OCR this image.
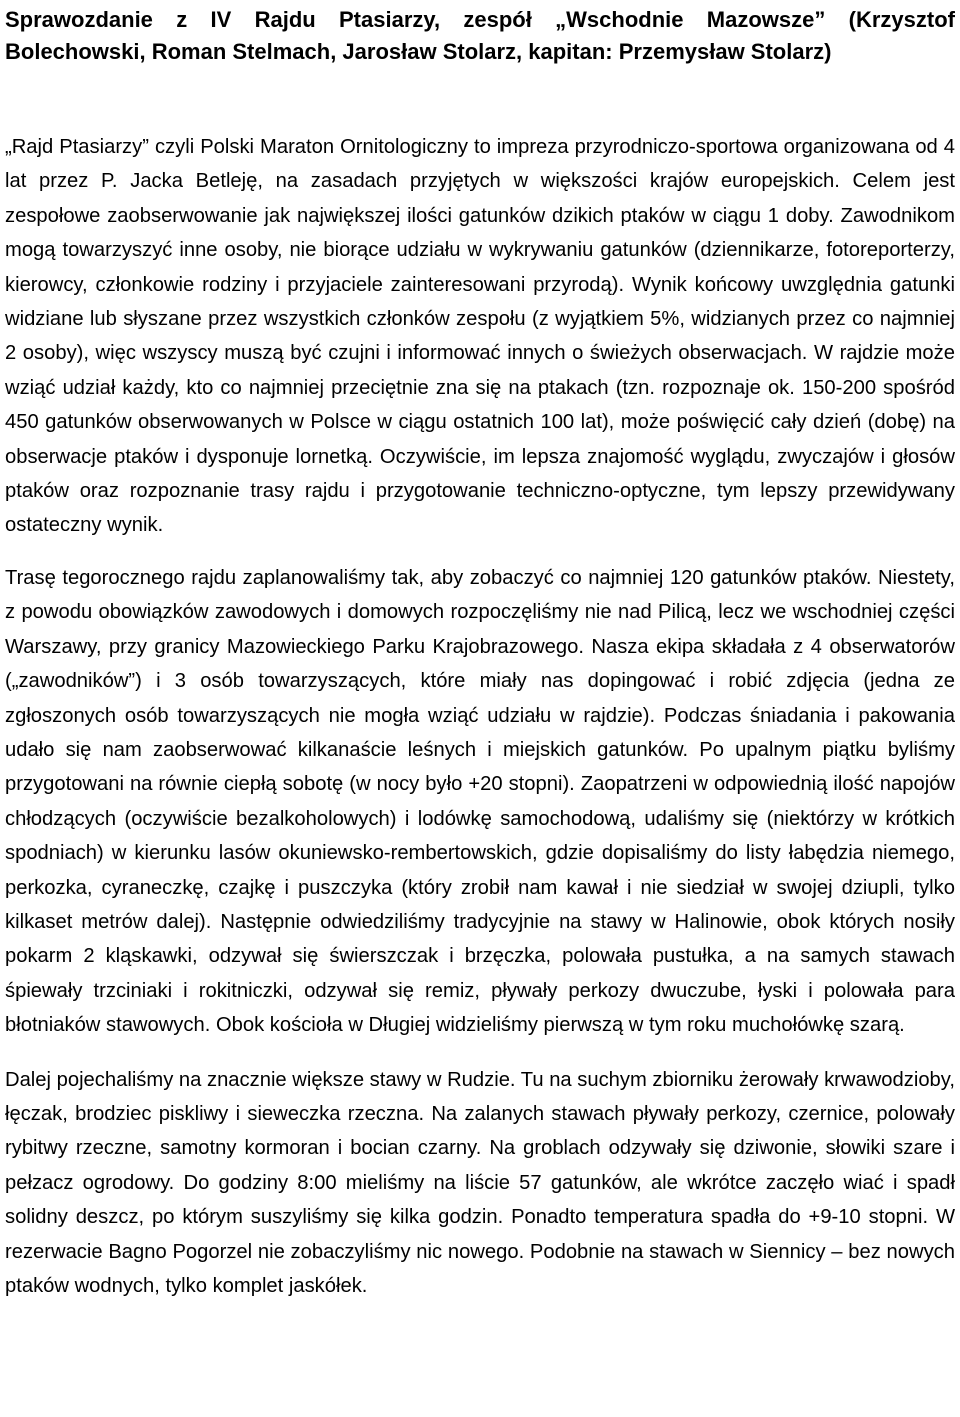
Sprawozdanie z IV Rajdu Ptasiarzy, zespół „Wschodnie Mazowsze” (Krzysztof Bolechowski, Roman Stelmach, Jarosław Stolarz, kapitan: Przemysław Stolarz)

„Rajd Ptasiarzy” czyli Polski Maraton Ornitologiczny to impreza przyrodniczo-sportowa organizowana od 4 lat przez P. Jacka Betleję, na zasadach przyjętych w większości krajów europejskich. Celem jest zespołowe zaobserwowanie jak największej ilości gatunków dzikich ptaków w ciągu 1 doby. Zawodnikom mogą towarzyszyć inne osoby, nie biorące udziału w wykrywaniu gatunków (dziennikarze, fotoreporterzy, kierowcy, członkowie rodziny i przyjaciele zainteresowani przyrodą). Wynik końcowy uwzględnia gatunki widziane lub słyszane przez wszystkich członków zespołu (z wyjątkiem 5%, widzianych przez co najmniej 2 osoby), więc wszyscy muszą być czujni i informować innych o świeżych obserwacjach. W rajdzie może wziąć udział każdy, kto co najmniej przeciętnie zna się na ptakach (tzn. rozpoznaje ok. 150-200 spośród 450 gatunków obserwowanych w Polsce w ciągu ostatnich 100 lat), może poświęcić cały dzień (dobę) na obserwacje ptaków i dysponuje lornetką. Oczywiście, im lepsza znajomość wyglądu, zwyczajów i głosów ptaków oraz rozpoznanie trasy rajdu i przygotowanie techniczno-optyczne, tym lepszy przewidywany ostateczny wynik.

Trasę tegorocznego rajdu zaplanowaliśmy tak, aby zobaczyć co najmniej 120 gatunków ptaków. Niestety, z powodu obowiązków zawodowych i domowych rozpoczęliśmy nie nad Pilicą, lecz we wschodniej części Warszawy, przy granicy Mazowieckiego Parku Krajobrazowego. Nasza ekipa składała z 4 obserwatorów („zawodników”) i 3 osób towarzyszących, które miały nas dopingować i robić zdjęcia (jedna ze zgłoszonych osób towarzyszących nie mogła wziąć udziału w rajdzie). Podczas śniadania i pakowania udało się nam zaobserwować kilkanaście leśnych i miejskich gatunków. Po upalnym piątku byliśmy przygotowani na równie ciepłą sobotę (w nocy było +20 stopni). Zaopatrzeni w odpowiednią ilość napojów chłodzących (oczywiście bezalkoholowych) i lodówkę samochodową, udaliśmy się (niektórzy w krótkich spodniach) w kierunku lasów okuniewsko-rembertowskich, gdzie dopisaliśmy do listy łabędzia niemego, perkozka, cyraneczkę, czajkę i puszczyka (który zrobił nam kawał i nie siedział w swojej dziupli, tylko kilkaset metrów dalej). Następnie odwiedziliśmy tradycyjnie na stawy w Halinowie, obok których nosiły pokarm 2 kląskawki, odzywał się świerszczak i brzęczka, polowała pustułka, a na samych stawach śpiewały trzciniaki i rokitniczki, odzywał się remiz, pływały perkozy dwuczube, łyski i polowała para błotniaków stawowych. Obok kościoła w Długiej widzieliśmy pierwszą w tym roku muchołówkę szarą.

Dalej pojechaliśmy na znacznie większe stawy w Rudzie. Tu na suchym zbiorniku żerowały krwawodzioby, łęczak, brodziec piskliwy i sieweczka rzeczna. Na zalanych stawach pływały perkozy, czernice, polowały rybitwy rzeczne, samotny kormoran i bocian czarny. Na groblach odzywały się dziwonie, słowiki szare i pełzacz ogrodowy. Do godziny 8:00 mieliśmy na liście 57 gatunków, ale wkrótce zaczęło wiać i spadł solidny deszcz, po którym suszyliśmy się kilka godzin. Ponadto temperatura spadła do +9-10 stopni. W rezerwacie Bagno Pogorzel nie zobaczyliśmy nic nowego. Podobnie na stawach w Siennicy – bez nowych ptaków wodnych, tylko komplet jaskółek.
